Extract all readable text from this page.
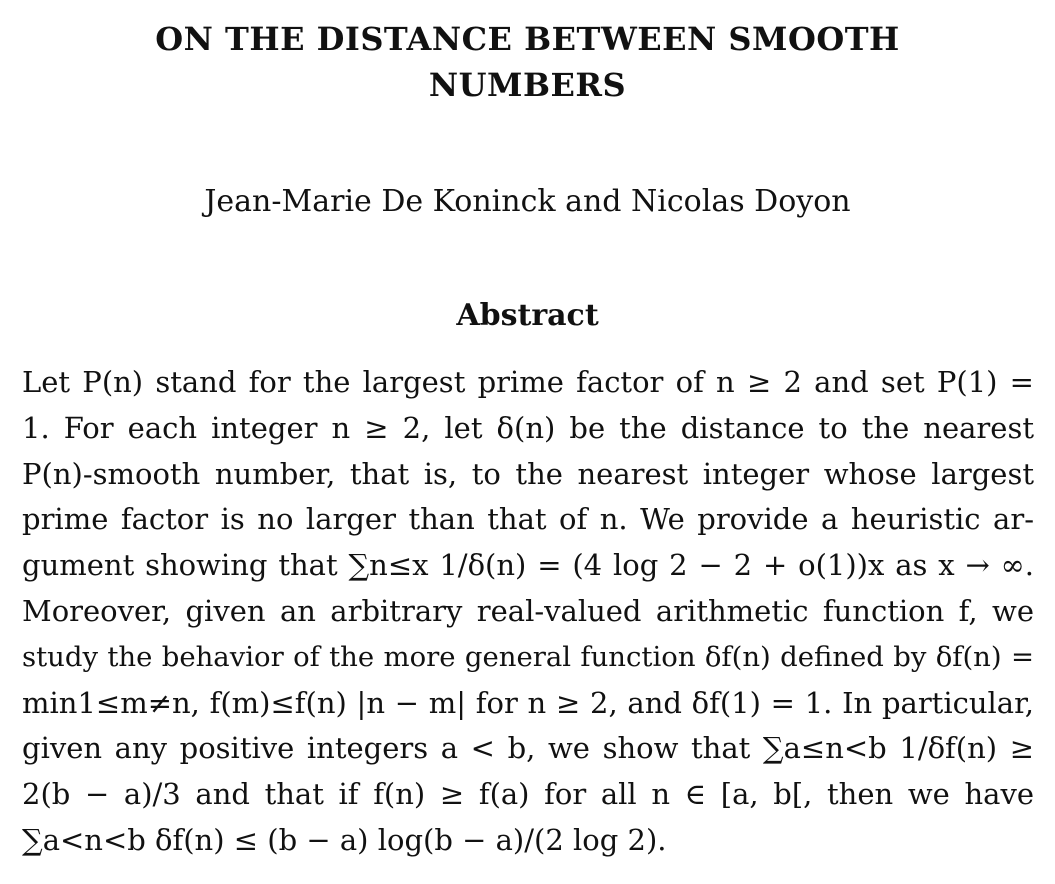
ON THE DISTANCE BETWEEN SMOOTH
NUMBERS
Jean-Marie De Koninck and Nicolas Doyon
Abstract
Let P(n) stand for the largest prime factor of n ≥ 2 and set P(1) =
1. For each integer n ≥ 2, let δ(n) be the distance to the nearest
P(n)-smooth number, that is, to the nearest integer whose largest
prime factor is no larger than that of n. We provide a heuristic ar-
gument showing that ∑n≤x 1/δ(n) = (4 log 2 − 2 + o(1))x as x → ∞.
Moreover, given an arbitrary real-valued arithmetic function f, we
study the behavior of the more general function δf(n) defined by δf(n) =
min1≤m≠n, f(m)≤f(n) |n − m| for n ≥ 2, and δf(1) = 1. In particular,
given any positive integers a < b, we show that ∑a≤n<b 1/δf(n) ≥
2(b − a)/3 and that if f(n) ≥ f(a) for all n ∈ [a, b[, then we have
∑a<n<b δf(n) ≤ (b − a) log(b − a)/(2 log 2).
